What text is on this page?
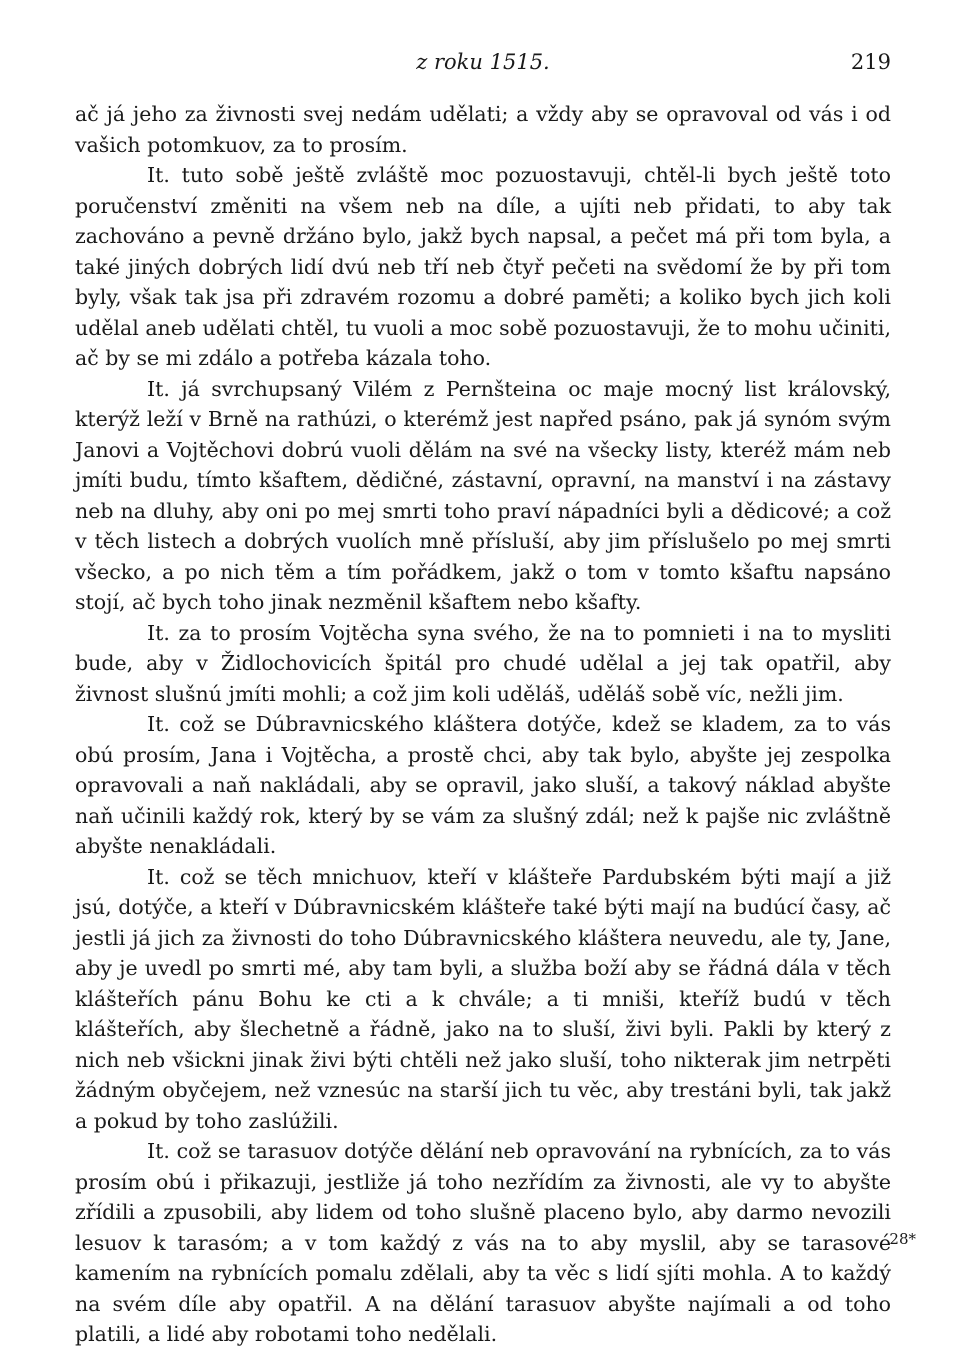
z roku 1515.	219

ač já jeho za živnosti svej nedám udělati; a vždy aby se opravoval od vás i od vašich potomkuov, za to prosím.

It. tuto sobě ještě zvláště moc pozuostavuji, chtěl-li bych ještě toto poručenství změniti na všem neb na díle, a ujíti neb přidati, to aby tak zachováno a pevně držáno bylo, jakž bych napsal, a pečet má při tom byla, a také jiných dobrých lidí dvú neb tří neb čtyř pečeti na svědomí že by při tom byly, však tak jsa při zdravém rozomu a dobré paměti; a koliko bych jich koli udělal aneb udělati chtěl, tu vuoli a moc sobě pozuostavuji, že to mohu učiniti, ač by se mi zdálo a potřeba kázala toho.

It. já svrchupsaný Vilém z Pernšteina oc maje mocný list královský, kterýž leží v Brně na rathúzi, o kterémž jest napřed psáno, pak já synóm svým Janovi a Vojtěchovi dobrú vuoli dělám na své na všecky listy, kteréž mám neb jmíti budu, tímto kšaftem, dědičné, zástavní, opravní, na manství i na zástavy neb na dluhy, aby oni po mej smrti toho praví nápadníci byli a dědicové; a což v těch listech a dobrých vuolích mně přísluší, aby jim příslušelo po mej smrti všecko, a po nich těm a tím pořádkem, jakž o tom v tomto kšaftu napsáno stojí, ač bych toho jinak nezměnil kšaftem nebo kšafty.

It. za to prosím Vojtěcha syna svého, že na to pomnieti i na to mysliti bude, aby v Židlochovicích špitál pro chudé udělal a jej tak opatřil, aby živnost slušnú jmíti mohli; a což jim koli uděláš, uděláš sobě víc, nežli jim.

It. což se Dúbravnicského kláštera dotýče, kdež se kladem, za to vás obú prosím, Jana i Vojtěcha, a prostě chci, aby tak bylo, abyšte jej zespolka opravovali a naň nakládali, aby se opravil, jako sluší, a takový náklad abyšte naň učinili každý rok, který by se vám za slušný zdál; než k pajše nic zvláštně abyšte nenakládali.

It. což se těch mnichuov, kteří v klášteře Pardubském býti mají a již jsú, dotýče, a kteří v Dúbravnicském klášteře také býti mají na budúcí časy, ač jestli já jich za živnosti do toho Dúbravnicského kláštera neuvedu, ale ty, Jane, aby je uvedl po smrti mé, aby tam byli, a služba boží aby se řádná dála v těch klášteřích pánu Bohu ke cti a k chvále; a ti mniši, kteříž budú v těch klášteřích, aby šlechetně a řádně, jako na to sluší, živi byli. Pakli by který z nich neb všickni jinak živi býti chtěli než jako sluší, toho nikterak jim netrpěti žádným obyčejem, než vznesúc na starší jich tu věc, aby trestáni byli, tak jakž a pokud by toho zaslúžili.

It. což se tarasuov dotýče dělání neb opravování na rybnících, za to vás prosím obú i přikazuji, jestliže já toho nezřídím za živnosti, ale vy to abyšte zřídili a zpusobili, aby lidem od toho slušně placeno bylo, aby darmo nevozili lesuov k tarasóm; a v tom každý z vás na to aby myslil, aby se tarasové kamením na rybnících pomalu zdělali, aby ta věc s lidí sjíti mohla. A to každý na svém díle aby opatřil. A na dělání tarasuov abyšte najímali a od toho platili, a lidé aby robotami toho nedělali.

28*
